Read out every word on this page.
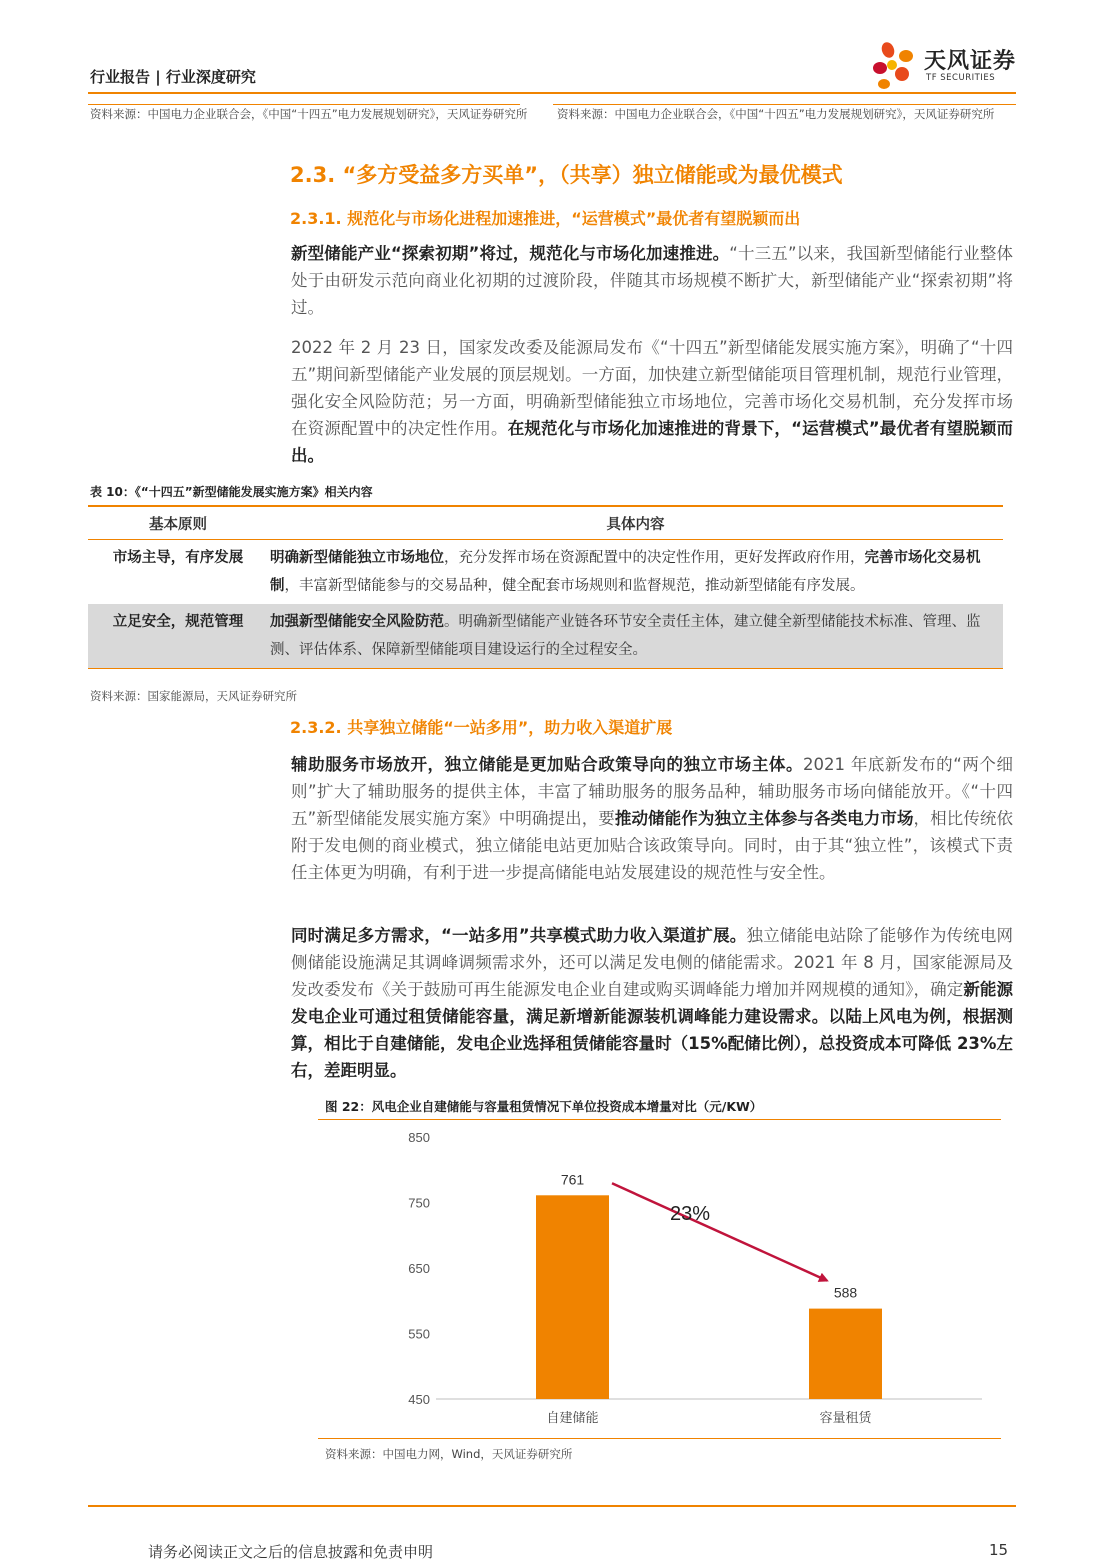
行业报告 | 行业深度研究
天风证券
TF SECURITIES
资料来源：中国电力企业联合会，《中国“十四五”电力发展规划研究》，天风证券研究所	资料来源：中国电力企业联合会，《中国“十四五”电力发展规划研究》，天风证券研究所
2.3. “多方受益多方买单”，（共享）独立储能或为最优模式
2.3.1. 规范化与市场化进程加速推进，“运营模式”最优者有望脱颖而出
新型储能产业“探索初期”将过，规范化与市场化加速推进。“十三五”以来，我国新型储能行业整体处于由研发示范向商业化初期的过渡阶段，伴随其市场规模不断扩大，新型储能产业“探索初期”将过。
2022 年 2 月 23 日，国家发改委及能源局发布《“十四五”新型储能发展实施方案》，明确了“十四五”期间新型储能产业发展的顶层规划。一方面，加快建立新型储能项目管理机制，规范行业管理，强化安全风险防范；另一方面，明确新型储能独立市场地位，完善市场化交易机制，充分发挥市场在资源配置中的决定性作用。在规范化与市场化加速推进的背景下，“运营模式”最优者有望脱颖而出。
表 10：《“十四五”新型储能发展实施方案》相关内容
基本原则	具体内容
市场主导，有序发展	明确新型储能独立市场地位，充分发挥市场在资源配置中的决定性作用，更好发挥政府作用，完善市场化交易机制，丰富新型储能参与的交易品种，健全配套市场规则和监督规范，推动新型储能有序发展。
立足安全，规范管理	加强新型储能安全风险防范。明确新型储能产业链各环节安全责任主体，建立健全新型储能技术标准、管理、监测、评估体系、保障新型储能项目建设运行的全过程安全。
资料来源：国家能源局，天风证券研究所
2.3.2. 共享独立储能“一站多用”，助力收入渠道扩展
辅助服务市场放开，独立储能是更加贴合政策导向的独立市场主体。2021 年底新发布的“两个细则”扩大了辅助服务的提供主体，丰富了辅助服务的服务品种，辅助服务市场向储能放开。《“十四五”新型储能发展实施方案》中明确提出，要推动储能作为独立主体参与各类电力市场，相比传统依附于发电侧的商业模式，独立储能电站更加贴合该政策导向。同时，由于其“独立性”，该模式下责任主体更为明确，有利于进一步提高储能电站发展建设的规范性与安全性。
同时满足多方需求，“一站多用”共享模式助力收入渠道扩展。独立储能电站除了能够作为传统电网侧储能设施满足其调峰调频需求外，还可以满足发电侧的储能需求。2021 年 8 月，国家能源局及发改委发布《关于鼓励可再生能源发电企业自建或购买调峰能力增加并网规模的通知》，确定新能源发电企业可通过租赁储能容量，满足新增新能源装机调峰能力建设需求。以陆上风电为例，根据测算，相比于自建储能，发电企业选择租赁储能容量时（15%配储比例），总投资成本可降低 23%左右，差距明显。
图 22：风电企业自建储能与容量租赁情况下单位投资成本增量对比（元/KW）
850
750
650
550
450
761
588
自建储能	容量租赁
23%
资料来源：中国电力网，Wind，天风证券研究所
请务必阅读正文之后的信息披露和免责申明	15
